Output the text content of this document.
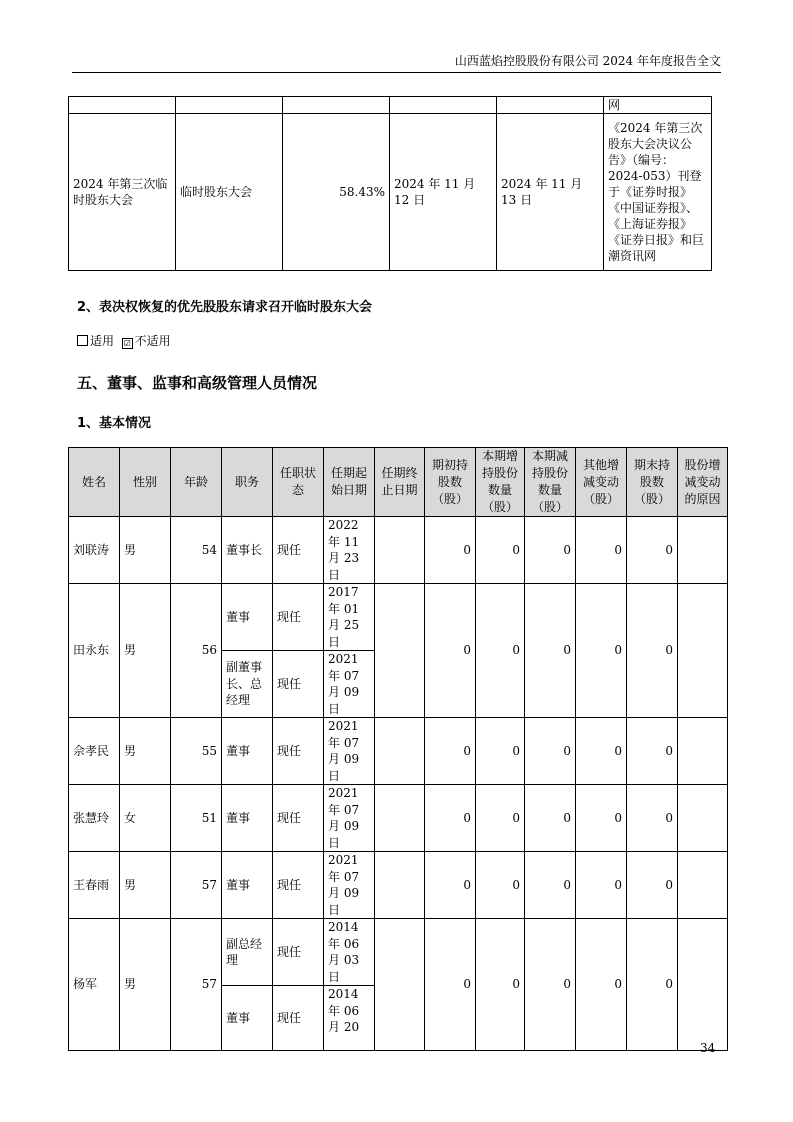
山西蓝焰控股股份有限公司 2024 年年度报告全文
					网
2024 年第三次临时股东大会	临时股东大会	58.43%	2024 年 11 月 12 日	2024 年 11 月 13 日	《2024 年第三次股东大会决议公告》（编号：2024-053）刊登于《证券时报》《中国证券报》、《上海证券报》《证券日报》和巨潮资讯网
2、表决权恢复的优先股股东请求召开临时股东大会
适用 ☑ 不适用
五、董事、监事和高级管理人员情况
1、基本情况
姓名	性别	年龄	职务	任职状态	任期起始日期	任期终止日期	期初持股数（股）	本期增持股份数量（股）	本期减持股份数量（股）	其他增减变动（股）	期末持股数（股）	股份增减变动的原因
刘联涛	男	54	董事长	现任	2022 年 11 月 23 日		0	0	0	0	0	
田永东	男	56	董事	现任	2017 年 01 月 25 日		0	0	0	0	0	
			副董事长、总经理	现任	2021 年 07 月 09 日							
佘孝民	男	55	董事	现任	2021 年 07 月 09 日		0	0	0	0	0	
张慧玲	女	51	董事	现任	2021 年 07 月 09 日		0	0	0	0	0	
王春雨	男	57	董事	现任	2021 年 07 月 09 日		0	0	0	0	0	
杨军	男	57	副总经理	现任	2014 年 06 月 03 日		0	0	0	0	0	
			董事	现任	2014 年 06 月 20							
34
